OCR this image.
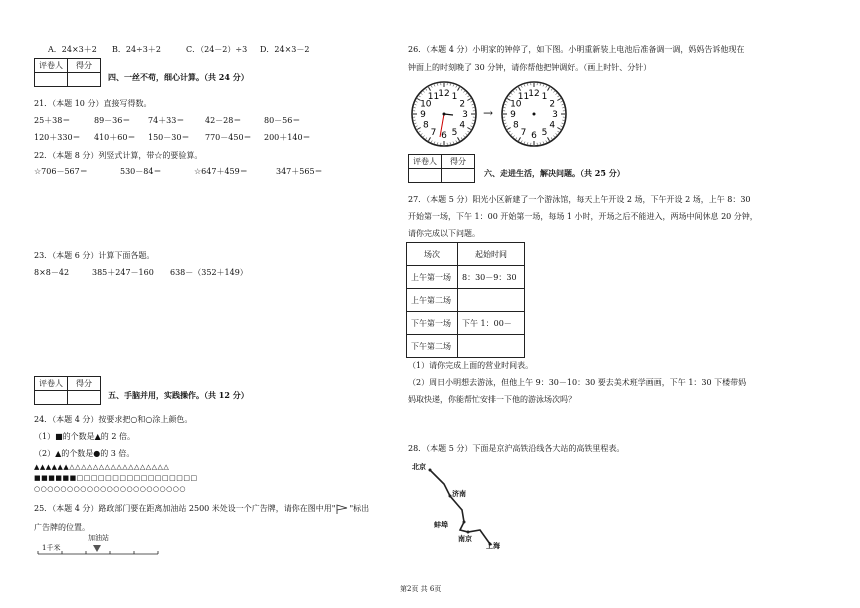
A．24×3＋2 B．24÷3＋2	C．（24－2）÷3 D．24×3－2
评卷人	得分

四、一丝不苟，细心计算。（共 24 分）
21．（本题 10 分）直接写得数。
25＋38＝	89－36＝ 74＋33＝	42－28＝	80－56＝
120＋330＝ 410＋60＝ 150－30＝ 770－450＝ 200＋140＝
22．（本题 8 分）列竖式计算，带☆的要验算。
☆706－567＝	530－84＝	☆647＋459＝	347＋565＝
23．（本题 6 分）计算下面各题。
8×8－42	385＋247－160 638－（352＋149）
评卷人	得分

五、手脑并用，实践操作。（共 12 分）
24．（本题 4 分）按要求把○和○涂上颜色。
（1）■的个数是▲的 2 倍。
（2）▲的个数是●的 3 倍。
▲▲▲▲▲▲△△△△△△△△△△△△△△△△△
■■■■■■□□□□□□□□□□□□□□□□□
○○○○○○○○○○○○○○○○○○○○○○○
25．（本题 4 分）路政部门要在距离加油站 2500 米处设一个广告牌，请你在图中用" "标出
广告牌的位置。
1千米
加油站
26．（本题 4 分）小明家的钟停了，如下图。小明重新装上电池后准备调一调，妈妈告诉他现在
钟面上的时刻晚了 30 分钟，请你帮他把钟调好。（画上时针、分针）
12 1
2
3
4
5
6
7
8
9
10
11
→
12 1
2
3
4
5
6
7
8
9
10
11
评卷人	得分

六、走进生活，解决问题。（共 25 分）
27．（本题 5 分）阳光小区新建了一个游泳馆，每天上午开设 2 场，下午开设 2 场，上午 8：30
开始第一场，下午 1：00 开始第一场，每场 1 小时，开场之后不能进入，两场中间休息 20 分钟，
请你完成以下问题。
场次	起始时间
上午第一场	8：30－9：30
上午第二场	
下午第一场	下午 1：00－
下午第二场	
（1）请你完成上面的营业时间表。
（2）周日小明想去游泳，但他上午 9：30－10：30 要去美术班学画画，下午 1：30 下楼带妈
妈取快递，你能帮忙安排一下他的游泳场次吗？
28．（本题 5 分）下面是京沪高铁沿线各大站的高铁里程表。
北京
济南
蚌埠
南京
上海
第2页 共 6页
